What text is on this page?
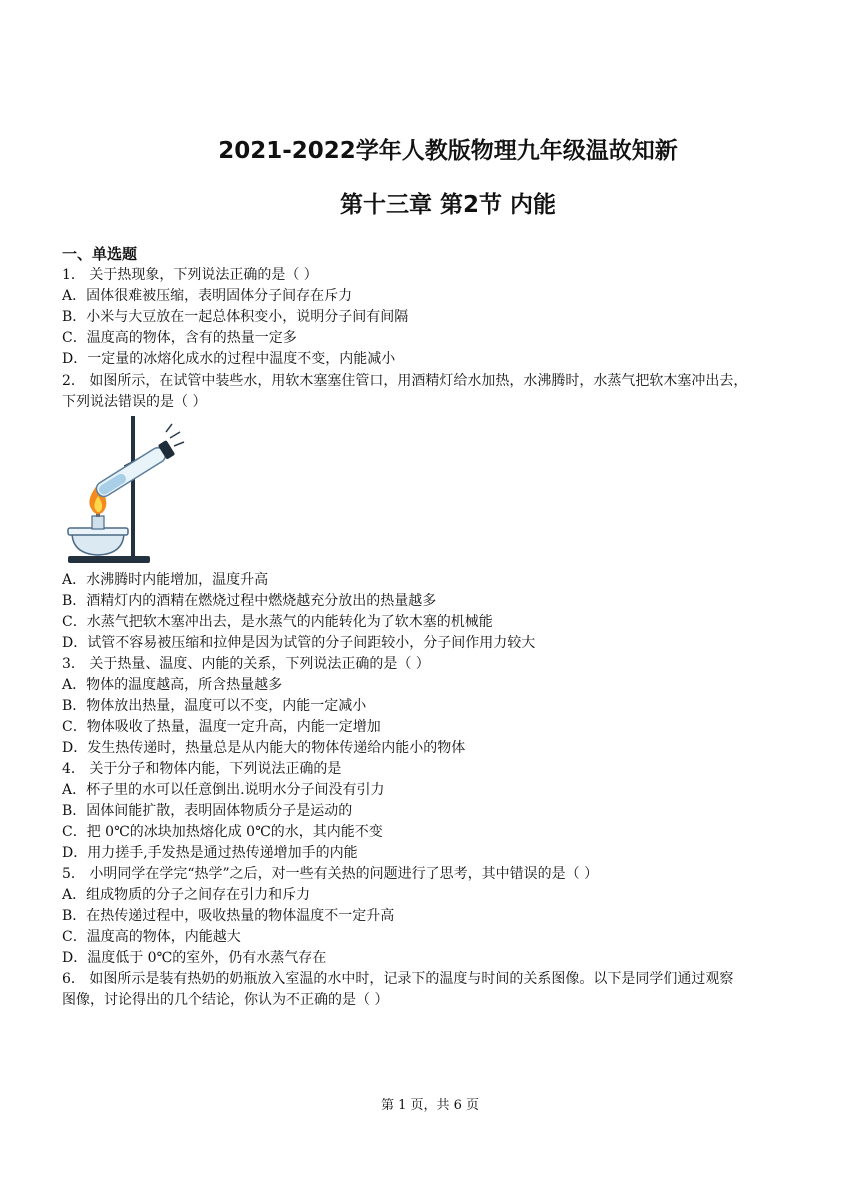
2021-2022学年人教版物理九年级温故知新
第十三章 第2节 内能
一、单选题
1． 关于热现象，下列说法正确的是（ ）
A．固体很难被压缩，表明固体分子间存在斥力
B．小米与大豆放在一起总体积变小，说明分子间有间隔
C．温度高的物体，含有的热量一定多
D．一定量的冰熔化成水的过程中温度不变，内能减小
2． 如图所示，在试管中装些水，用软木塞塞住管口，用酒精灯给水加热，水沸腾时，水蒸气把软木塞冲出去，
下列说法错误的是（ ）
A．水沸腾时内能增加，温度升高
B．酒精灯内的酒精在燃烧过程中燃烧越充分放出的热量越多
C．水蒸气把软木塞冲出去，是水蒸气的内能转化为了软木塞的机械能
D．试管不容易被压缩和拉伸是因为试管的分子间距较小，分子间作用力较大
3． 关于热量、温度、内能的关系，下列说法正确的是（ ）
A．物体的温度越高，所含热量越多
B．物体放出热量，温度可以不变，内能一定减小
C．物体吸收了热量，温度一定升高，内能一定增加
D．发生热传递时，热量总是从内能大的物体传递给内能小的物体
4． 关于分子和物体内能，下列说法正确的是
A．杯子里的水可以任意倒出.说明水分子间没有引力
B．固体间能扩散，表明固体物质分子是运动的
C．把 0℃的冰块加热熔化成 0℃的水，其内能不变
D．用力搓手,手发热是通过热传递增加手的内能
5． 小明同学在学完“热学”之后，对一些有关热的问题进行了思考，其中错误的是（ ）
A．组成物质的分子之间存在引力和斥力
B．在热传递过程中，吸收热量的物体温度不一定升高
C．温度高的物体，内能越大
D．温度低于 0℃的室外，仍有水蒸气存在
6． 如图所示是装有热奶的奶瓶放入室温的水中时，记录下的温度与时间的关系图像。以下是同学们通过观察
图像，讨论得出的几个结论，你认为不正确的是（ ）
第 1 页，共 6 页
